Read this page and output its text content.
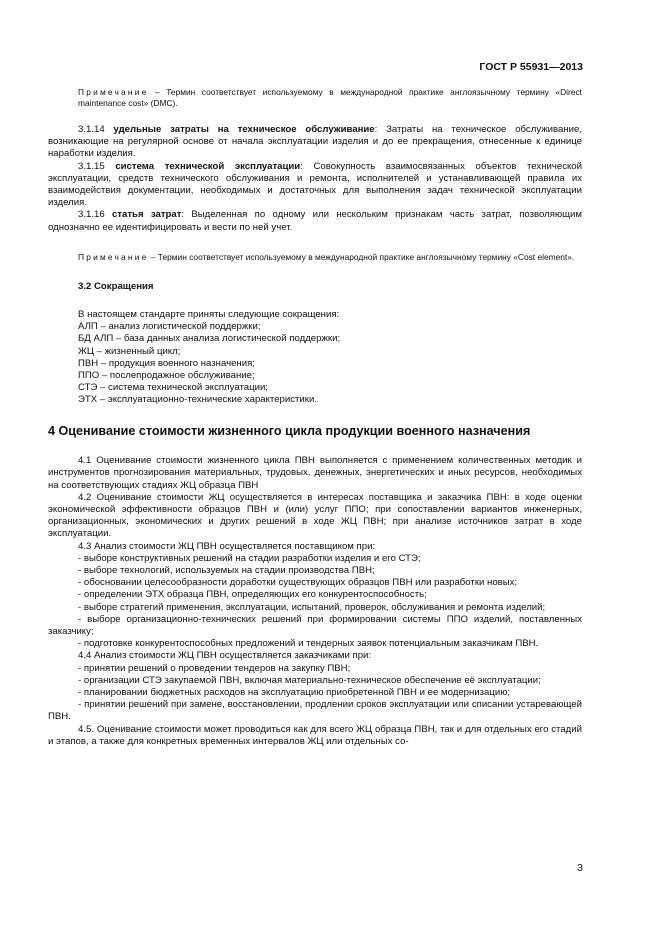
ГОСТ Р 55931—2013

Примечание – Термин соответствует используемому в международной практике англоязычному термину «Direct maintenance cost» (DMC).

3.1.14 удельные затраты на техническое обслуживание: Затраты на техническое обслуживание, возникающие на регулярной основе от начала эксплуатации изделия и до ее прекращения, отнесенные к единице наработки изделия.

3.1.15 система технической эксплуатации: Совокупность взаимосвязанных объектов технической эксплуатации, средств технического обслуживания и ремонта, исполнителей и устанавливающей правила их взаимодействия документации, необходимых и достаточных для выполнения задач технической эксплуатации изделия.

3.1.16 статья затрат: Выделенная по одному или нескольким признакам часть затрат, позволяющим однозначно ее идентифицировать и вести по ней учет.

Примечание – Термин соответствует используемому в международной практике англоязычному термину «Cost element».

3.2 Сокращения

В настоящем стандарте приняты следующие сокращения:

АЛП – анализ логистической поддержки;

БД АЛП – база данных анализа логистической поддержки;

ЖЦ – жизненный цикл;

ПВН – продукция военного назначения;

ППО – послепродажное обслуживание;

СТЭ – система технической эксплуатации;

ЭТХ – эксплуатационно-технические характеристики.

4 Оценивание стоимости жизненного цикла продукции военного назначения

4.1 Оценивание стоимости жизненного цикла ПВН выполняется с применением количественных методик и инструментов прогнозирования материальных, трудовых, денежных, энергетических и иных ресурсов, необходимых на соответствующих стадиях ЖЦ образца ПВН

4.2 Оценивание стоимости ЖЦ осуществляется в интересах поставщика и заказчика ПВН: в ходе оценки экономической эффективности образцов ПВН и (или) услуг ППО; при сопоставлении вариантов инженерных, организационных, экономических и других решений в ходе ЖЦ ПВН; при анализе источников затрат в ходе эксплуатации.

4.3 Анализ стоимости ЖЦ ПВН осуществляется поставщиком при:

- выборе конструктивных решений на стадии разработки изделия и его СТЭ;

- выборе технологий, используемых на стадии производства ПВН;

- обосновании целесообразности доработки существующих образцов ПВН или разработки новых;

- определении ЭТХ образца ПВН, определяющих его конкурентоспособность;

- выборе стратегий применения, эксплуатации, испытаний, проверок, обслуживания и ремонта изделий;

- выборе организационно-технических решений при формировании системы ППО изделий, поставленных заказчику;

- подготовке конкурентоспособных предложений и тендерных заявок потенциальным заказчикам ПВН.

4.4 Анализ стоимости ЖЦ ПВН осуществляется заказчиками при:

- принятии решений о проведении тендеров на закупку ПВН;

- организации СТЭ закупаемой ПВН, включая материально-техническое обеспечение её эксплуатации;

- планировании бюджетных расходов на эксплуатацию приобретенной ПВН и ее модернизацию;

- принятии решений при замене, восстановлении, продлении сроков эксплуатации или списании устаревающей ПВН.

4.5. Оценивание стоимости может проводиться как для всего ЖЦ образца ПВН, так и для отдельных его стадий и этапов, а также для конкретных временных интервалов ЖЦ или отдельных со-

3
